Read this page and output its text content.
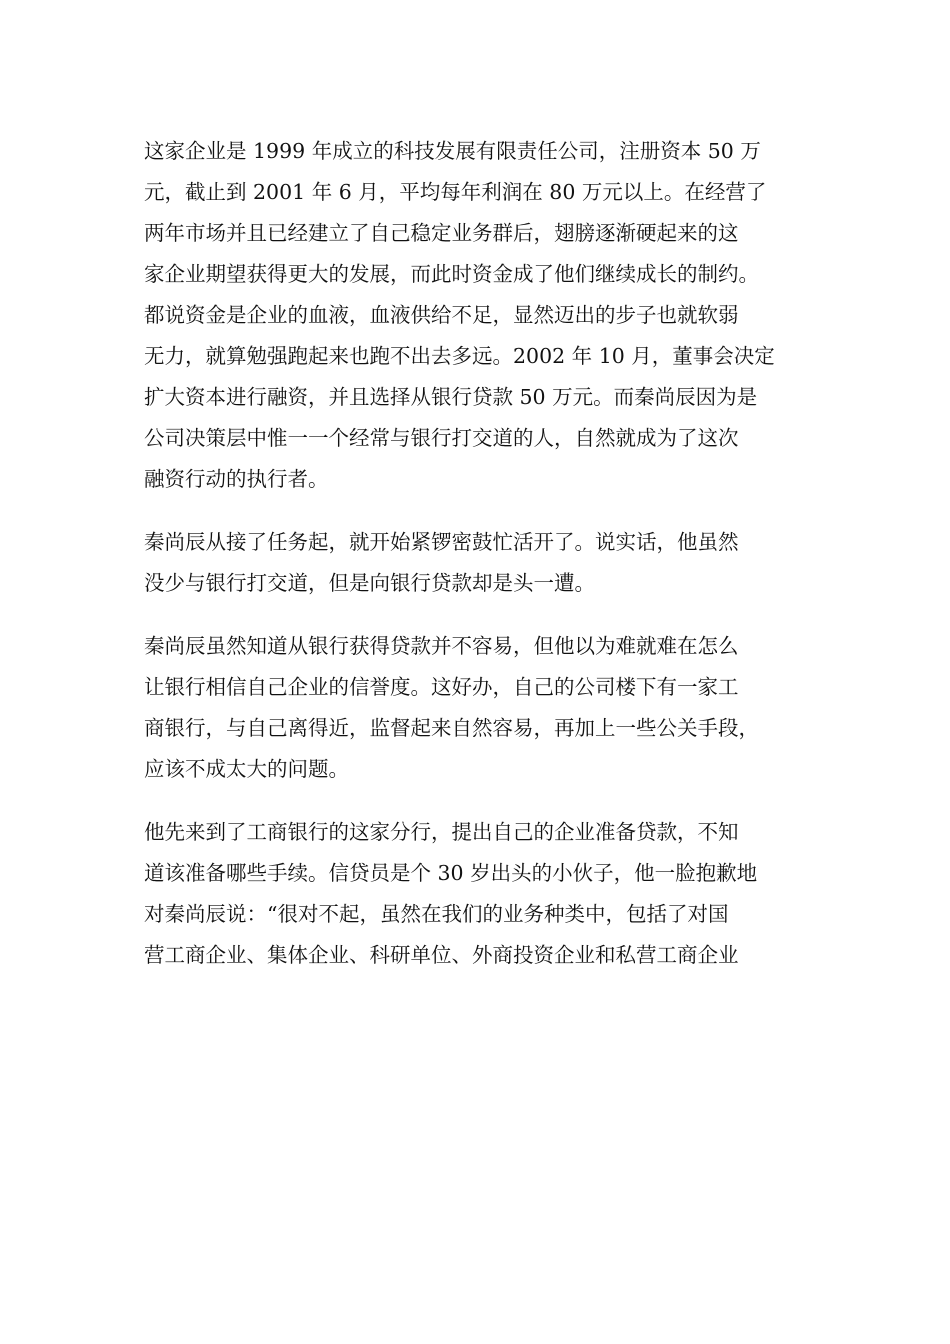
这家企业是 1999 年成立的科技发展有限责任公司，注册资本 50 万
元，截止到 2001 年 6 月，平均每年利润在 80 万元以上。在经营了
两年市场并且已经建立了自己稳定业务群后，翅膀逐渐硬起来的这
家企业期望获得更大的发展，而此时资金成了他们继续成长的制约。
都说资金是企业的血液，血液供给不足，显然迈出的步子也就软弱
无力，就算勉强跑起来也跑不出去多远。2002 年 10 月，董事会决定
扩大资本进行融资，并且选择从银行贷款 50 万元。而秦尚辰因为是
公司决策层中惟一一个经常与银行打交道的人，自然就成为了这次
融资行动的执行者。

秦尚辰从接了任务起，就开始紧锣密鼓忙活开了。说实话，他虽然
没少与银行打交道，但是向银行贷款却是头一遭。

秦尚辰虽然知道从银行获得贷款并不容易，但他以为难就难在怎么
让银行相信自己企业的信誉度。这好办，自己的公司楼下有一家工
商银行，与自己离得近，监督起来自然容易，再加上一些公关手段，
应该不成太大的问题。

他先来到了工商银行的这家分行，提出自己的企业准备贷款，不知
道该准备哪些手续。信贷员是个 30 岁出头的小伙子，他一脸抱歉地
对秦尚辰说：“很对不起，虽然在我们的业务种类中，包括了对国
营工商企业、集体企业、科研单位、外商投资企业和私营工商企业
